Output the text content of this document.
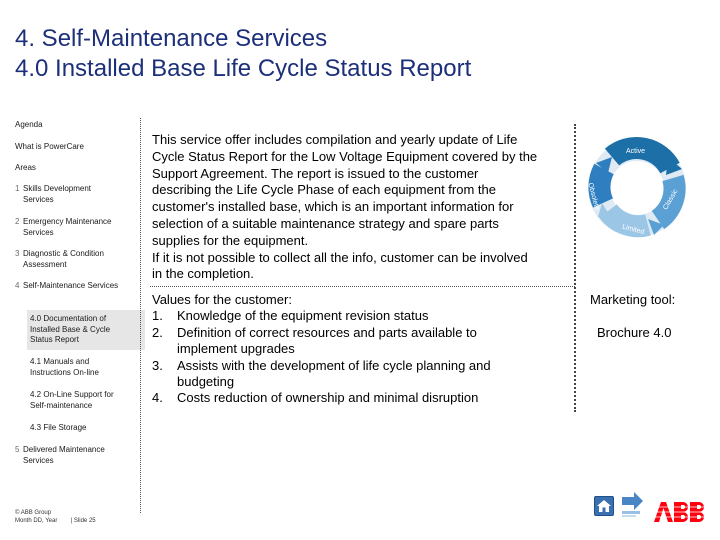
4. Self-Maintenance Services
4.0 Installed Base Life Cycle Status Report
Agenda
What is PowerCare
Areas
1 Skills Development
Services
2 Emergency Maintenance
Services
3 Diagnostic & Condition
Assessment
4 Self-Maintenance Services
4.0 Documentation of
Installed Base & Cycle
Status Report
4.1 Manuals and
Instructions On-line
4.2 On-Line Support for
Self-maintenance
4.3 File Storage
5 Delivered Maintenance
Services
This service offer includes compilation and yearly update of Life
Cycle Status Report for the Low Voltage Equipment covered by the
Support Agreement. The report is issued to the customer
describing the Life Cycle Phase of each equipment from the
customer's installed base, which is an important information for
selection of a suitable maintenance strategy and spare parts
supplies for the equipment.
If it is not possible to collect all the info, customer can be involved
in the completion.
Active
Classic
Limited
Obsolete
Values for the customer:
1.	Knowledge of the equipment revision status
2.	Definition of correct resources and parts available to implement upgrades
3.	Assists with the development of life cycle planning and budgeting
4.	Costs reduction of ownership and minimal disruption
Marketing tool:
Brochure 4.0
© ABB Group
Month DD, Year | Slide 25
